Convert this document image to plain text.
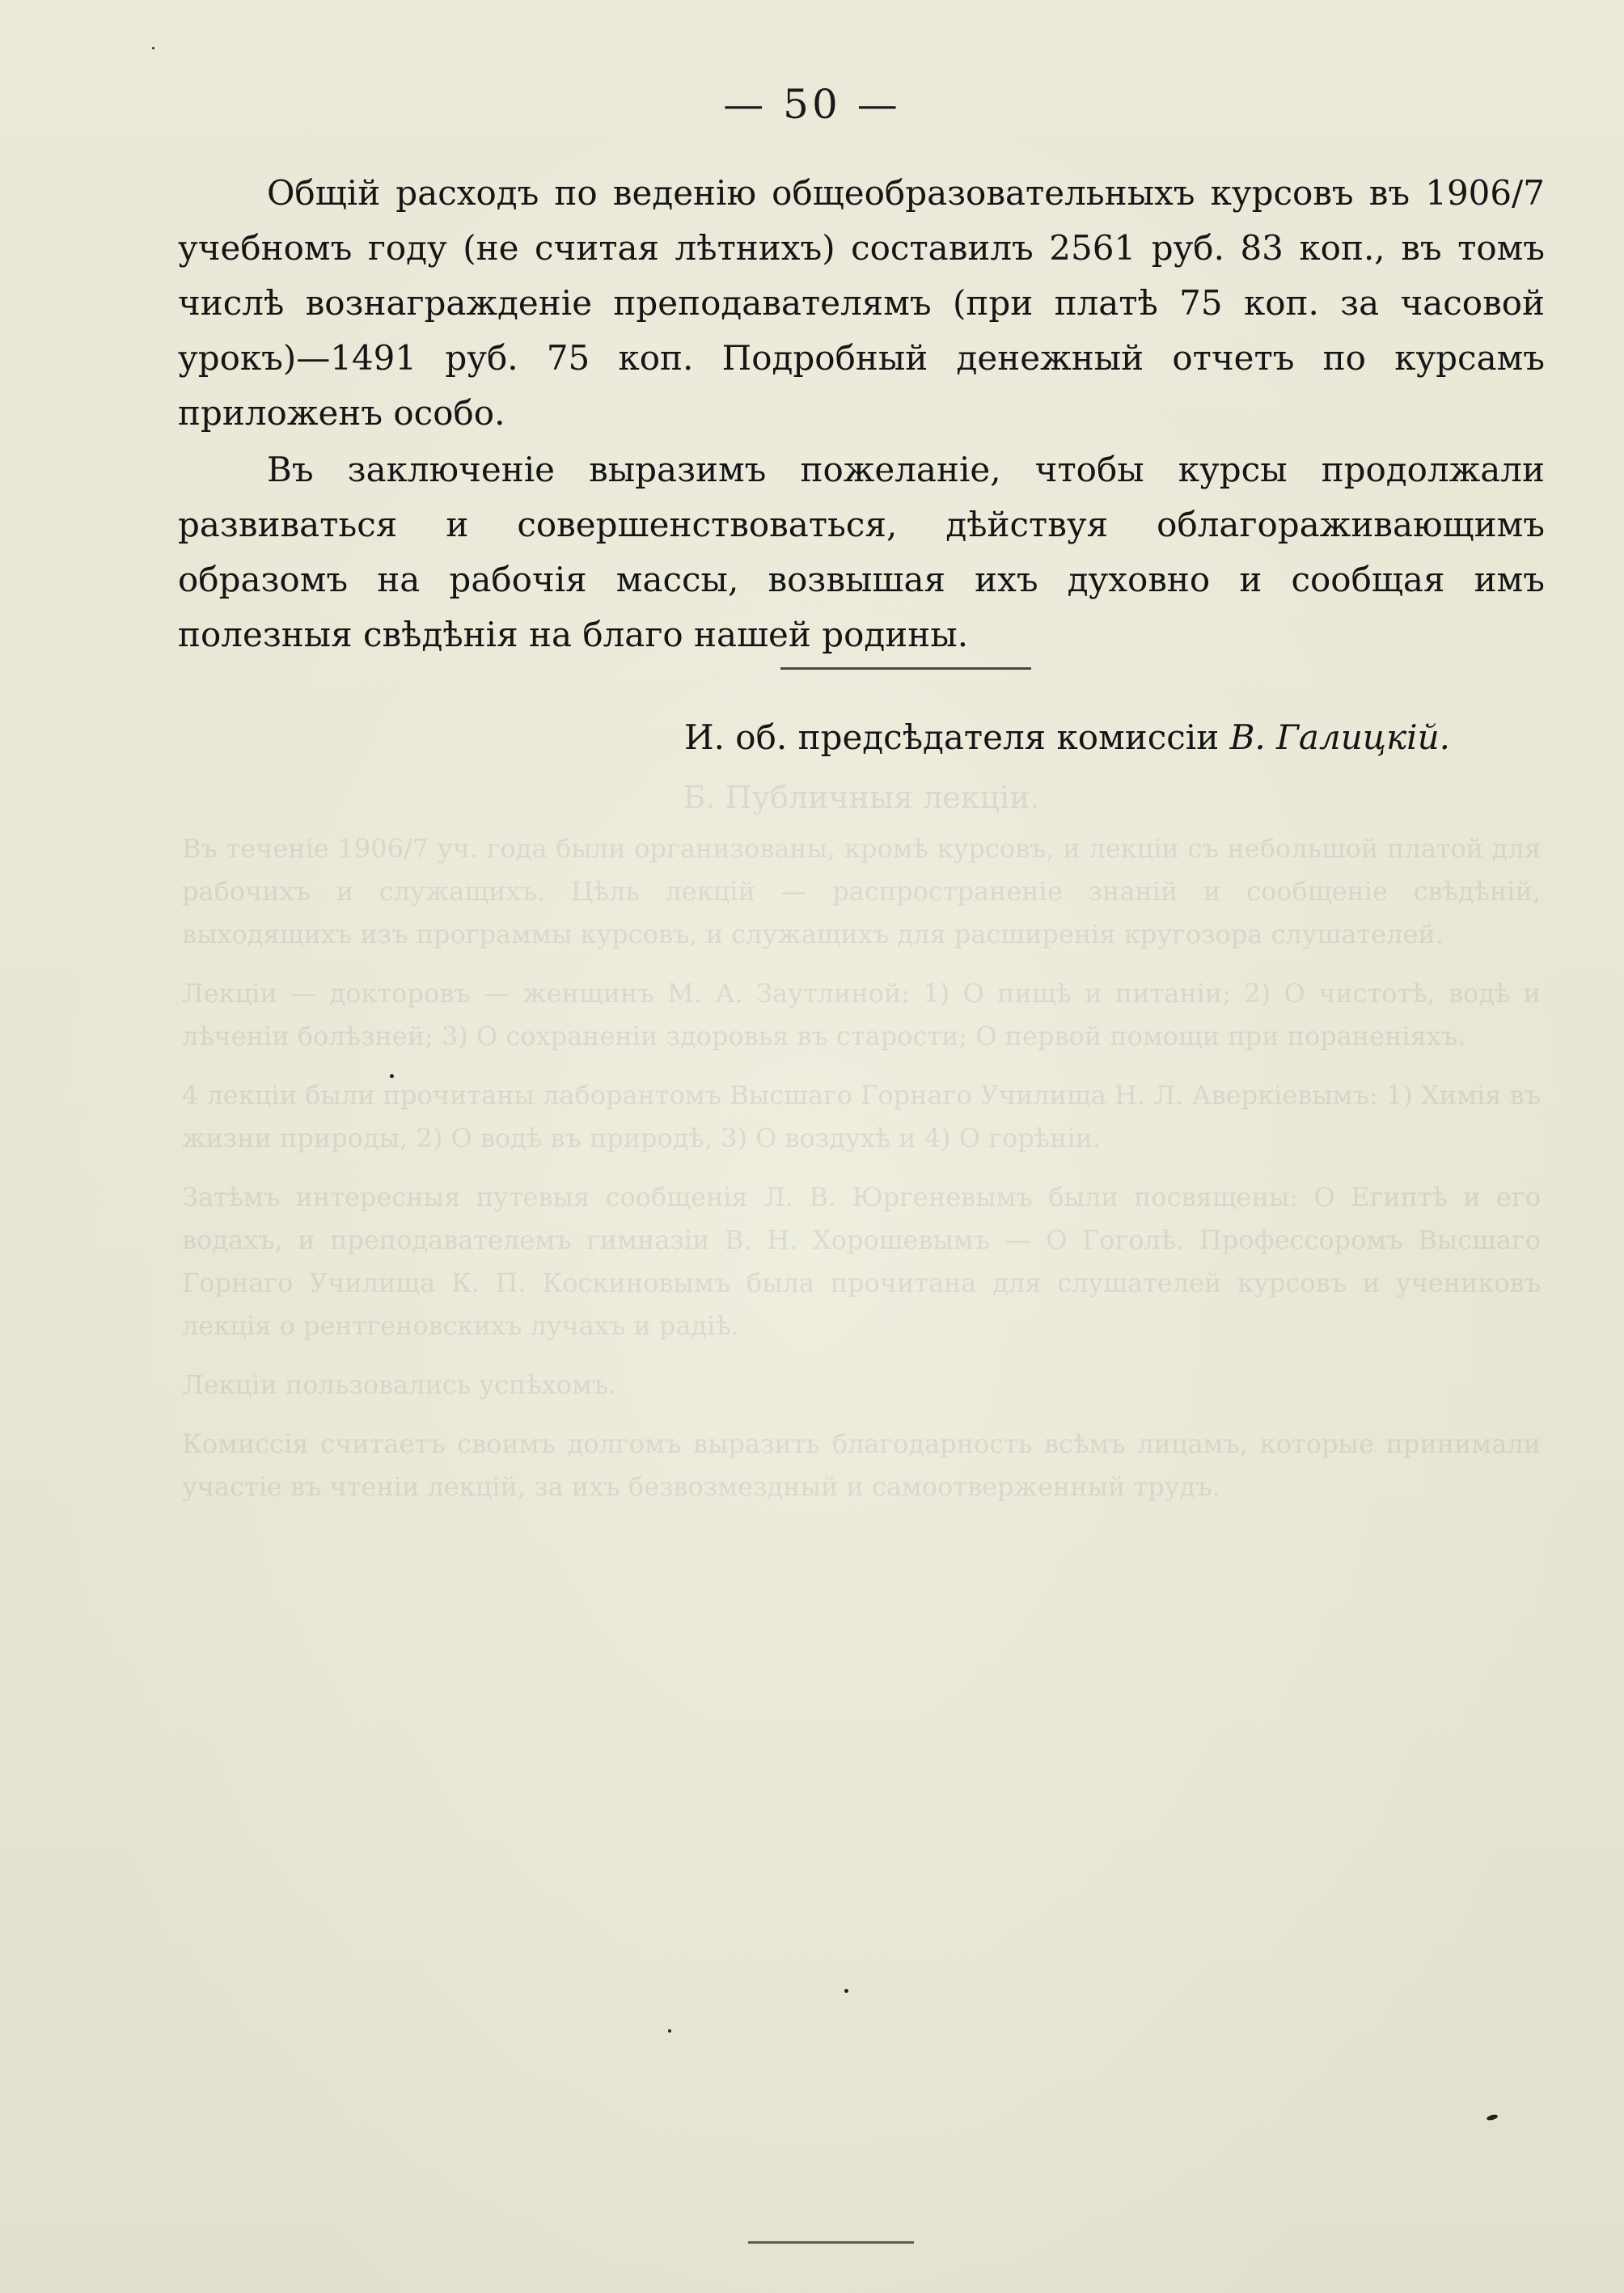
Б. Публичныя лекціи.

Въ теченіе 1906/7 уч. года были организованы, кромѣ курсовъ, и лекціи съ небольшой платой для рабочихъ и служащихъ. Цѣль лекцій — распространеніе знаній и сообщеніе свѣдѣній, выходящихъ изъ программы курсовъ, и служащихъ для расширенія кругозора слушателей.

Лекціи — докторовъ — женщинъ М. А. Заутлиной: 1) О пищѣ и питаніи; 2) О чистотѣ, водѣ и лѣченіи болѣзней; 3) О сохраненіи здоровья въ старости; О первой помощи при пораненіяхъ.

4 лекціи были прочитаны лаборантомъ Высшаго Горнаго Училища Н. Л. Аверкіевымъ: 1) Химія въ жизни природы, 2) О водѣ въ природѣ, 3) О воздухѣ и 4) О горѣніи.

Затѣмъ интересныя путевыя сообщенія Л. В. Юргеневымъ были посвящены: О Египтѣ и его водахъ, и преподавателемъ гимназіи В. Н. Хорошевымъ — О Гоголѣ. Профессоромъ Высшаго Горнаго Училища К. П. Коскиновымъ была прочитана для слушателей курсовъ и учениковъ лекція о рентгеновскихъ лучахъ и радіѣ.

Лекціи пользовались успѣхомъ.

Комиссія считаетъ своимъ долгомъ выразить благодарность всѣмъ лицамъ, которые принимали участіе въ чтеніи лекцій, за ихъ безвозмездный и самоотверженный трудъ.

— 50 —

Общій расходъ по веденію общеобразовательныхъ курсовъ въ 1906/7 учебномъ году (не считая лѣтнихъ) составилъ 2561 руб. 83 коп., въ томъ числѣ вознагражденіе преподавателямъ (при платѣ 75 коп. за часовой урокъ)—1491 руб. 75 коп. Подробный денежный отчетъ по курсамъ приложенъ особо.

Въ заключеніе выразимъ пожеланіе, чтобы курсы продолжали развиваться и совершенствоваться, дѣйствуя облагораживающимъ образомъ на рабочія массы, возвышая ихъ духовно и сообщая имъ полезныя свѣдѣнія на благо нашей родины.

И. об. предсѣдателя комиссіи В. Галицкій.
